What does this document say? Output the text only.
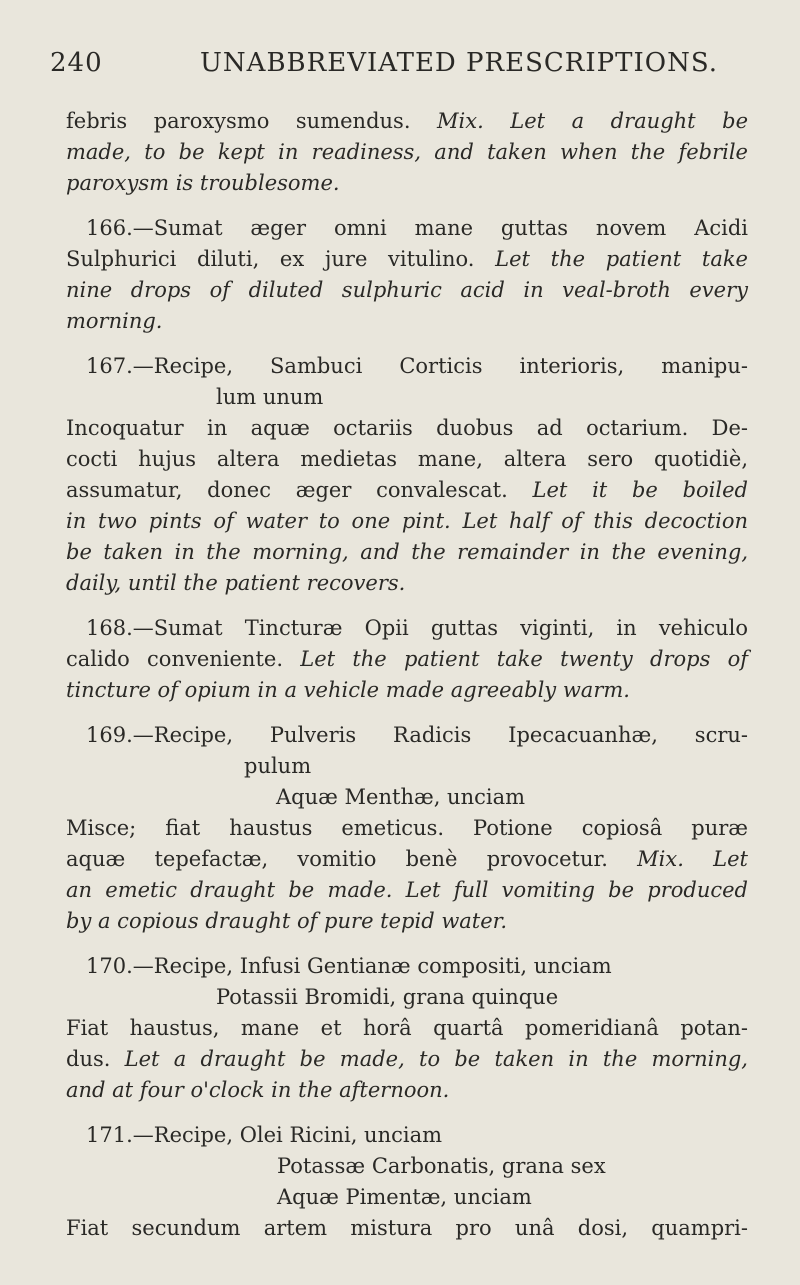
240	UNABBREVIATED PRESCRIPTIONS.
febris paroxysmo sumendus. Mix. Let a draught be
made, to be kept in readiness, and taken when the febrile
paroxysm is troublesome.
166.—Sumat æger omni mane guttas novem Acidi
Sulphurici diluti, ex jure vitulino. Let the patient take
nine drops of diluted sulphuric acid in veal-broth every
morning.
167.—Recipe, Sambuci Corticis interioris, manipu-
lum unum
Incoquatur in aquæ octariis duobus ad octarium. De-
cocti hujus altera medietas mane, altera sero quotidiè,
assumatur, donec æger convalescat. Let it be boiled
in two pints of water to one pint. Let half of this decoction
be taken in the morning, and the remainder in the evening,
daily, until the patient recovers.
168.—Sumat Tincturæ Opii guttas viginti, in vehiculo
calido conveniente. Let the patient take twenty drops of
tincture of opium in a vehicle made agreeably warm.
169.—Recipe, Pulveris Radicis Ipecacuanhæ, scru-
pulum
Aquæ Menthæ, unciam
Misce; fiat haustus emeticus. Potione copiosâ puræ
aquæ tepefactæ, vomitio benè provocetur. Mix. Let
an emetic draught be made. Let full vomiting be produced
by a copious draught of pure tepid water.
170.—Recipe, Infusi Gentianæ compositi, unciam
Potassii Bromidi, grana quinque
Fiat haustus, mane et horâ quartâ pomeridianâ potan-
dus. Let a draught be made, to be taken in the morning,
and at four o'clock in the afternoon.
171.—Recipe, Olei Ricini, unciam
Potassæ Carbonatis, grana sex
Aquæ Pimentæ, unciam
Fiat secundum artem mistura pro unâ dosi, quampri-
